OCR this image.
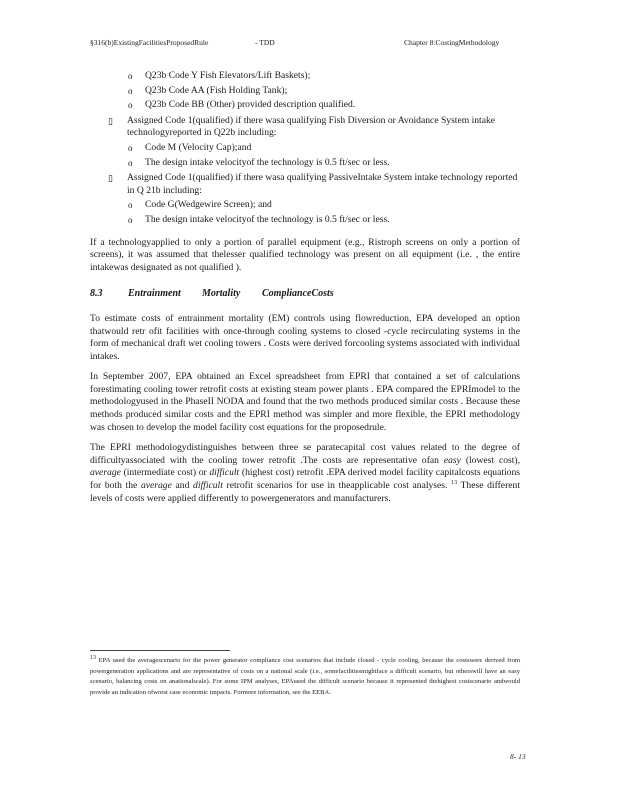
§316(b)ExistingFacilitiesProposedRule	- TDD	Chapter 8:CostingMethodology
o Q23b Code Y Fish Elevators/Lift Baskets);
o Q23b Code AA (Fish Holding Tank);
o Q23b Code BB (Other) provided description qualified.
▯ Assigned Code 1(qualified) if there wasa qualifying Fish Diversion or Avoidance System intake technologyreported in Q22b including:
o Code M (Velocity Cap);and
o The design intake velocityof the technology is 0.5 ft/sec or less.
▯ Assigned Code 1(qualified) if there wasa qualifying PassiveIntake System intake technology reported in Q 21b including:
o Code G(Wedgewire Screen); and
o The design intake velocityof the technology is 0.5 ft/sec or less.

If a technologyapplied to only a portion of parallel equipment (e.g., Ristroph screens on only a portion of screens), it was assumed that thelesser qualified technology was present on all equipment (i.e. , the entire intakewas designated as not qualified ).

8.3	Entrainment Mortality ComplianceCosts

To estimate costs of entrainment mortality (EM) controls using flowreduction, EPA developed an option thatwould retr ofit facilities with once-through cooling systems to closed -cycle recirculating systems in the form of mechanical draft wet cooling towers . Costs were derived forcooling systems associated with individual intakes.

In September 2007, EPA obtained an Excel spreadsheet from EPRI that contained a set of calculations forestimating cooling tower retrofit costs at existing steam power plants . EPA compared the EPRImodel to the methodologyused in the PhaseII NODA and found that the two methods produced similar costs . Because these methods produced similar costs and the EPRI method was simpler and more flexible, the EPRI methodology was chosen to develop the model facility cost equations for the proposedrule.

The EPRI methodologydistinguishes between three se paratecapital cost values related to the degree of difficultyassociated with the cooling tower retrofit .The costs are representative ofan easy (lowest cost), average (intermediate cost) or difficult (highest cost) retrofit .EPA derived model facility capitalcosts equations for both the average and difficult retrofit scenarios for use in theapplicable cost analyses. $^{13}$ These different levels of costs were applied differently to powergenerators and manufacturers.

13 EPA used the averagescenario for the power generator compliance cost scenarios that include closed - cycle cooling, because the costswere derived from powergeneration applications and are representative of costs on a national scale (i.e., somefacilitiesmightface a difficult scenario, but otherswill have an easy scenario, balancing costs on anationalscale). For some IPM analyses, EPAused the difficult scenario because it represented thehighest costscenario andwould provide an indication ofworst case economic impacts. Formore information, see the EEBA.
8- 13
